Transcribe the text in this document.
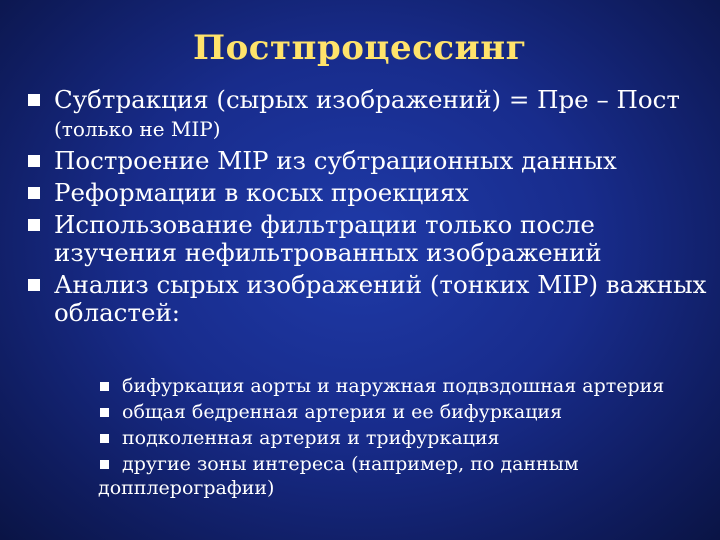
Постпроцессинг
Субтракция (сырых изображений) = Пре – Пост (только не MIP)
Построение MIP из субтрационных данных
Реформации в косых проекциях
Использование фильтрации только после изучения нефильтрованных изображений
Анализ сырых изображений (тонких MIP) важных областей:
бифуркация аорты и наружная подвздошная артерия
общая бедренная артерия и ее бифуркация
подколенная артерия и трифуркация
другие зоны интереса (например, по данным допплерографии)
